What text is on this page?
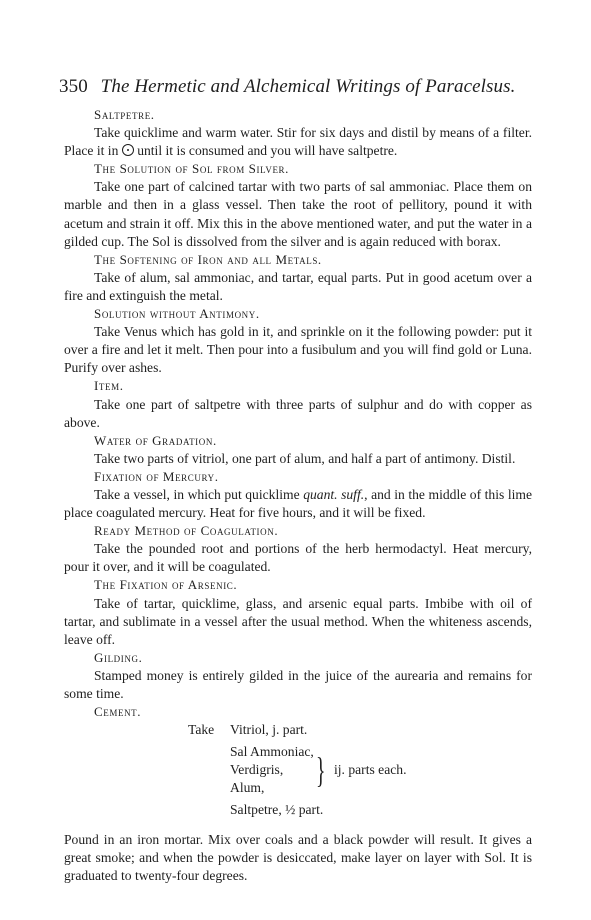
350 The Hermetic and Alchemical Writings of Paracelsus.

Saltpetre.

Take quicklime and warm water. Stir for six days and distil by means of a filter. Place it in until it is consumed and you will have saltpetre.

The Solution of Sol from Silver.

Take one part of calcined tartar with two parts of sal ammoniac. Place them on marble and then in a glass vessel. Then take the root of pellitory, pound it with acetum and strain it off. Mix this in the above mentioned water, and put the water in a gilded cup. The Sol is dissolved from the silver and is again reduced with borax.

The Softening of Iron and all Metals.

Take of alum, sal ammoniac, and tartar, equal parts. Put in good acetum over a fire and extinguish the metal.

Solution without Antimony.

Take Venus which has gold in it, and sprinkle on it the following powder: put it over a fire and let it melt. Then pour into a fusibulum and you will find gold or Luna. Purify over ashes.

Item.

Take one part of saltpetre with three parts of sulphur and do with copper as above.

Water of Gradation.

Take two parts of vitriol, one part of alum, and half a part of antimony. Distil.

Fixation of Mercury.

Take a vessel, in which put quicklime quant. suff., and in the middle of this lime place coagulated mercury. Heat for five hours, and it will be fixed.

Ready Method of Coagulation.

Take the pounded root and portions of the herb hermodactyl. Heat mercury, pour it over, and it will be coagulated.

The Fixation of Arsenic.

Take of tartar, quicklime, glass, and arsenic equal parts. Imbibe with oil of tartar, and sublimate in a vessel after the usual method. When the whiteness ascends, leave off.

Gilding.

Stamped money is entirely gilded in the juice of the aurearia and remains for some time.

Cement.

Take Vitriol, j. part.
Sal Ammoniac,
Verdigris,
Alum,
Saltpetre, ½ part.
} ij. parts each.

Pound in an iron mortar. Mix over coals and a black powder will result. It gives a great smoke; and when the powder is desiccated, make layer on layer with Sol. It is graduated to twenty-four degrees.
